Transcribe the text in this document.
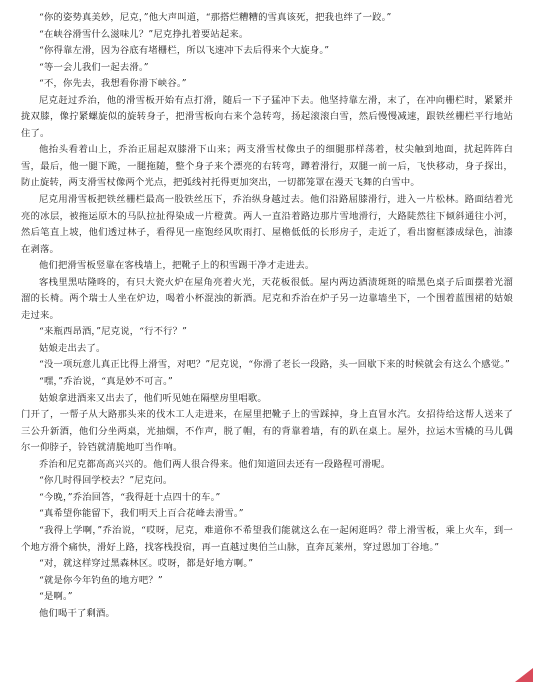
“你的姿势真美妙，尼克，”他大声叫道，“那搭烂糟糟的雪真该死，把我也绊了一跤。”

“在峡谷滑雪什么滋味儿？”尼克挣扎着要站起来。

“你得靠左滑，因为谷底有堵栅栏，所以飞速冲下去后得来个大旋身。”

“等一会儿我们一起去滑。”

“不，你先去，我想看你滑下峡谷。”

尼克赶过乔治，他的滑雪板开始有点打滑，随后一下子猛冲下去。他坚持靠左滑，末了，在冲向栅栏时，紧紧并拢双膝，像拧紧螺旋似的旋转身子，把滑雪板向右来个急转弯，扬起滚滚白雪，然后慢慢减速，跟铁丝栅栏平行地站住了。

他抬头看着山上，乔治正屈起双膝滑下山来；两支滑雪杖像虫子的细腿那样荡着，杖尖触到地面，扰起阵阵白雪，最后，他一腿下跪，一腿拖随，整个身子来个漂亮的右转弯，蹲着滑行，双腿一前一后，飞快移动，身子探出，防止旋转，两支滑雪杖像两个光点，把弧线衬托得更加突出，一切都笼罩在漫天飞舞的白雪中。

尼克用滑雪板把铁丝栅栏最高一股铁丝压下，乔治纵身越过去。他们沿路屈膝滑行，进入一片松林。路面结着光亮的冰层，被拖运原木的马队拉扯得染成一片橙黄。两人一直沿着路边那片雪地滑行，大路陡然往下倾斜通往小河，然后笔直上坡，他们透过林子，看得见一座饱经风吹雨打、屋檐低低的长形房子，走近了，看出窗框漆成绿色，油漆在剥落。

他们把滑雪板竖靠在客栈墙上，把靴子上的积雪踢干净才走进去。

客栈里黑咕隆咚的，有只大瓷火炉在屋角亮着火光，天花板很低。屋内两边酒渍斑斑的暗黑色桌子后面摆着光溜溜的长椅。两个瑞士人坐在炉边，喝着小杯混浊的新酒。尼克和乔治在炉子另一边靠墙坐下，一个围着蓝围裙的姑娘走过来。

“来瓶西昂酒，”尼克说，“行不行？”

姑娘走出去了。

“没一项玩意儿真正比得上滑雪，对吧？”尼克说，“你滑了老长一段路，头一回歇下来的时候就会有这么个感觉。”

“嘿，”乔治说，“真是妙不可言。”

姑娘拿进酒来又出去了，他们听见她在隔壁房里唱歌。

门开了，一帮子从大路那头来的伐木工人走进来，在屋里把靴子上的雪踩掉，身上直冒水汽。女招待给这帮人送来了三公升新酒，他们分坐两桌，光抽烟，不作声，脱了帽，有的背靠着墙，有的趴在桌上。屋外，拉运木雪橇的马儿偶尔一仰脖子，铃铛就清脆地叮当作响。

乔治和尼克都高高兴兴的。他们两人很合得来。他们知道回去还有一段路程可滑呢。

“你几时得回学校去？”尼克问。

“今晚，”乔治回答，“我得赶十点四十的车。”

“真希望你能留下，我们明天上百合花峰去滑雪。”

“我得上学啊，”乔治说，“哎呀，尼克，难道你不希望我们能就这么在一起闲逛吗？带上滑雪板，乘上火车，到一个地方滑个痛快，滑好上路，找客栈投宿，再一直越过奥伯兰山脉，直奔瓦莱州，穿过恩加丁谷地。”

“对，就这样穿过黑森林区。哎呀，都是好地方啊。”

“就是你今年钓鱼的地方吧？”

“是啊。”

他们喝干了剩酒。
